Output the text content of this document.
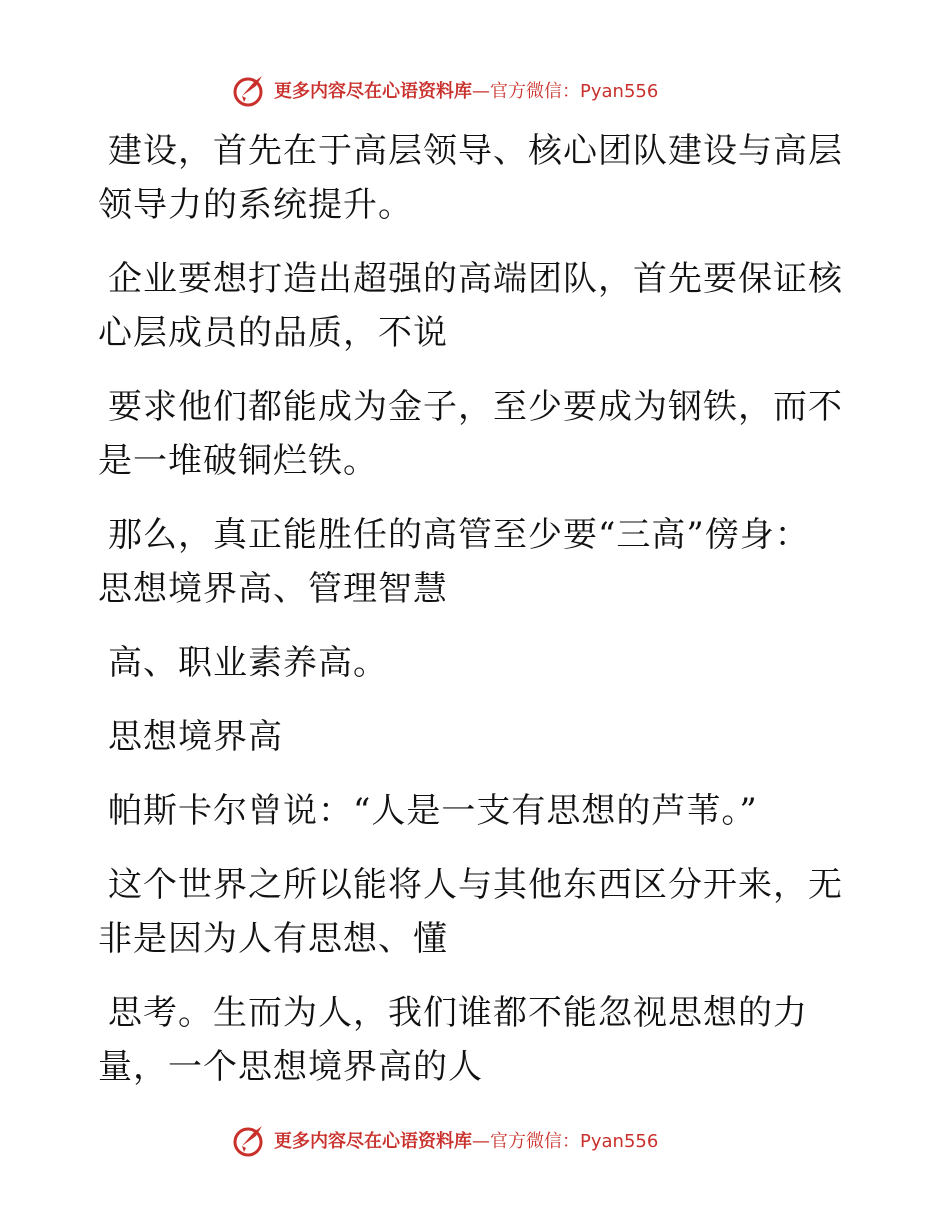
更多内容尽在心语资料库 —官方微信：Pyan556
建设，首先在于高层领导、核心团队建设与高层
领导力的系统提升。
企业要想打造出超强的高端团队，首先要保证核
心层成员的品质，不说
要求他们都能成为金子，至少要成为钢铁，而不
是一堆破铜烂铁。
那么，真正能胜任的高管至少要“三高”傍身：
思想境界高、管理智慧
高、职业素养高。
思想境界高
帕斯卡尔曾说：“人是一支有思想的芦苇。”
这个世界之所以能将人与其他东西区分开来，无
非是因为人有思想、懂
思考。生而为人，我们谁都不能忽视思想的力
量，一个思想境界高的人
更多内容尽在心语资料库 —官方微信：Pyan556
